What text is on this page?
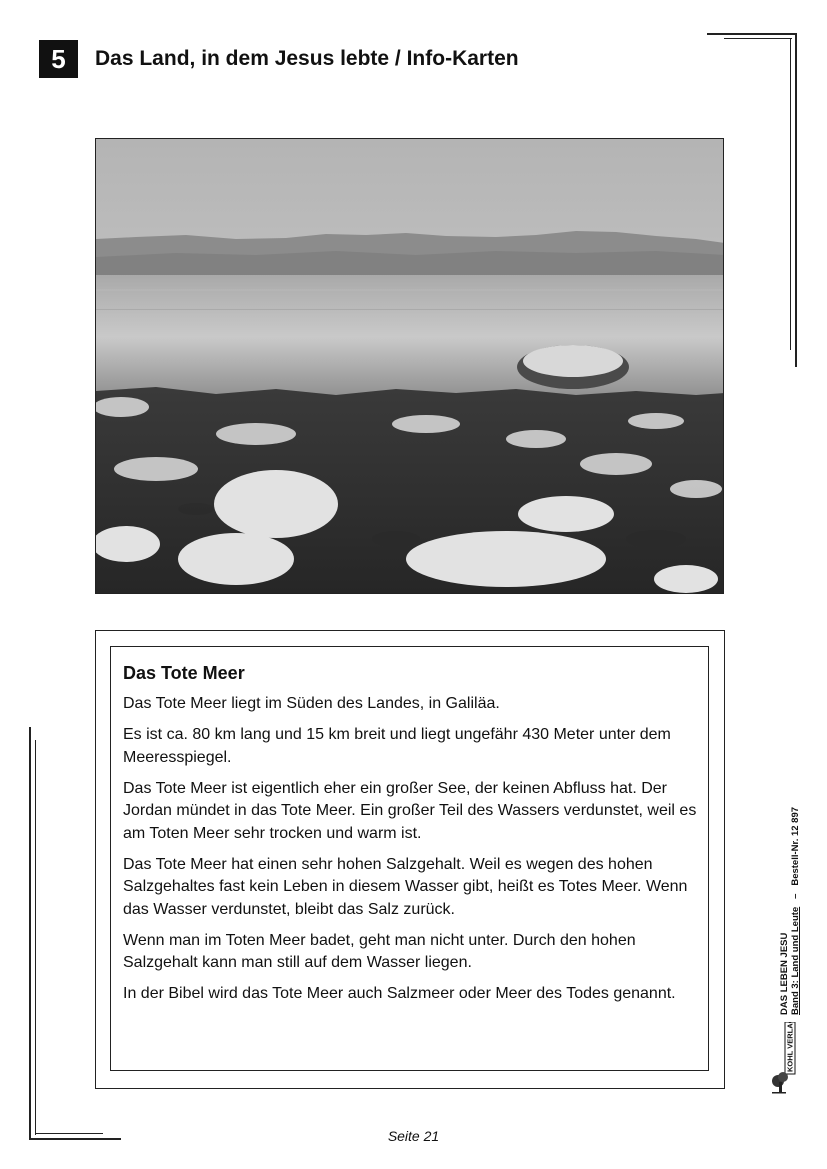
5	Das Land, in dem Jesus lebte / Info-Karten
Das Tote Meer

Das Tote Meer liegt im Süden des Landes, in Galiläa.

Es ist ca. 80 km lang und 15 km breit und liegt ungefähr 430 Meter unter dem Meeresspiegel.

Das Tote Meer ist eigentlich eher ein großer See, der keinen Abfluss hat. Der Jordan mündet in das Tote Meer. Ein großer Teil des Wassers verdunstet, weil es am Toten Meer sehr trocken und warm ist.

Das Tote Meer hat einen sehr hohen Salzgehalt. Weil es wegen des hohen Salzgehaltes fast kein Leben in diesem Wasser gibt, heißt es Totes Meer. Wenn das Wasser verdunstet, bleibt das Salz zurück.

Wenn man im Toten Meer badet, geht man nicht unter. Durch den hohen Salzgehalt kann man still auf dem Wasser liegen.

In der Bibel wird das Tote Meer auch Salzmeer oder Meer des Todes genannt.	DAS LEBEN JESU Band 3: Land und Leute   –   Bestell-Nr. 12 897
KOHL VERLAG
Seite 21
